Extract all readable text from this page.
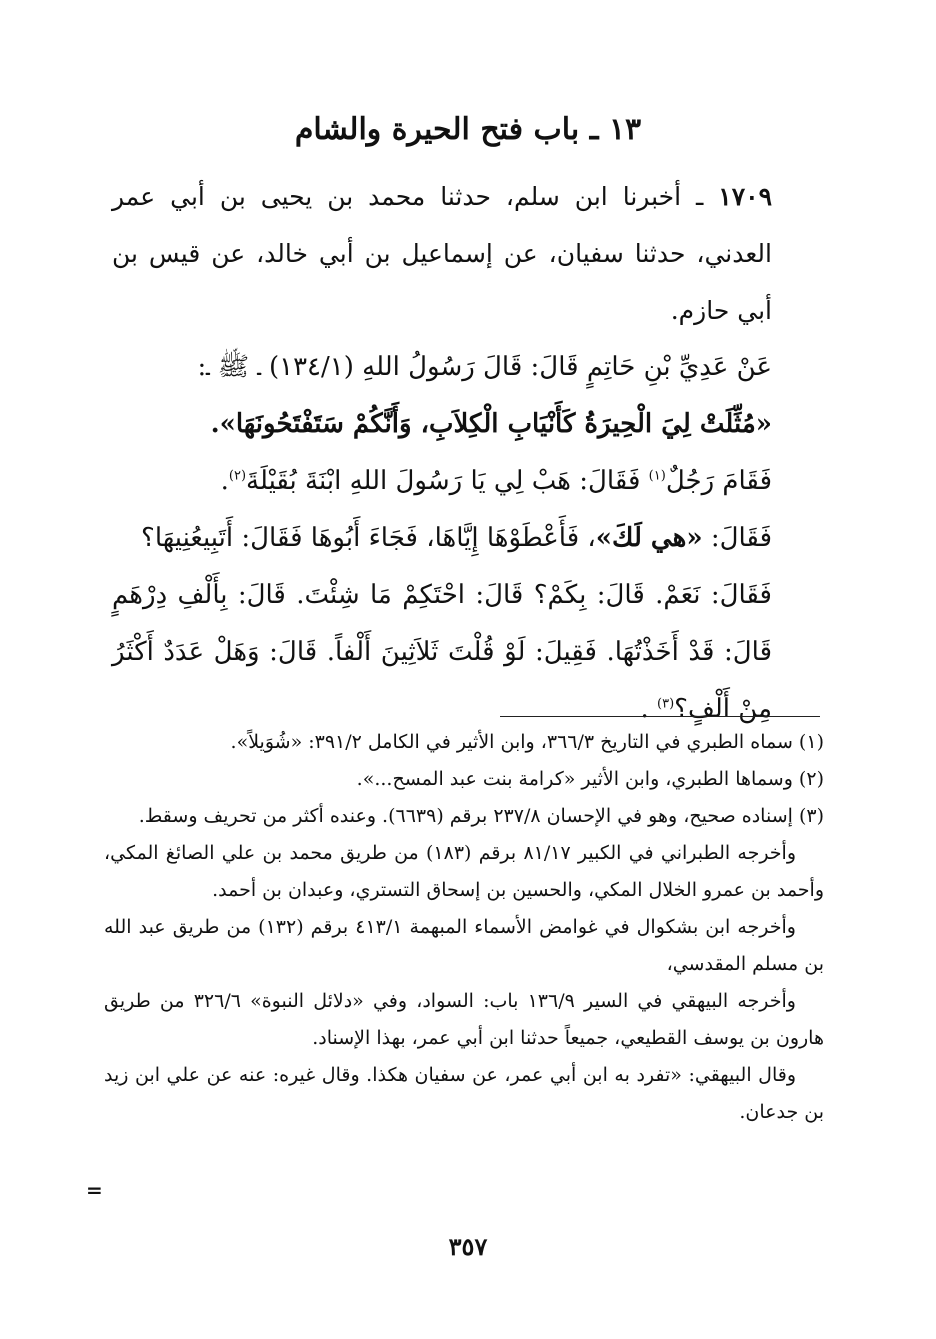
١٣ ـ باب فتح الحيرة والشام

١٧٠٩ ـ أخبرنا ابن سلم، حدثنا محمد بن يحيى بن أبي عمر العدني، حدثنا سفيان، عن إسماعيل بن أبي خالد، عن قيس بن أبي حازم.

عَنْ عَدِيِّ بْنِ حَاتِمٍ قَالَ: قَالَ رَسُولُ اللهِ (١٣٤/١) ـ ﷺ ـ:

«مُثِّلَتْ لِيَ الْحِيرَةُ كَأَنْيَابِ الْكِلاَبِ، وَأَنَّكُمْ سَتَفْتَحُونَهَا».

فَقَامَ رَجُلٌ$^{(١)}$ فَقَالَ: هَبْ لِي يَا رَسُولَ اللهِ ابْنَةَ بُقَيْلَةَ$^{(٢)}$.

فَقَالَ: «هي لَكَ»، فَأَعْطَوْهَا إِيَّاهَا، فَجَاءَ أَبُوهَا فَقَالَ: أَتَبِيعُنِيهَا؟

فَقَالَ: نَعَمْ. قَالَ: بِكَمْ؟ قَالَ: احْتَكِمْ مَا شِئْتَ. قَالَ: بِأَلْفِ دِرْهَمٍ قَالَ: قَدْ أَخَذْتُهَا. فَقِيلَ: لَوْ قُلْتَ ثَلاَثِينَ أَلْفاً. قَالَ: وَهَلْ عَدَدٌ أَكْثَرُ مِنْ أَلْفٍ؟$^{(٣)}$ .

(١) سماه الطبري في التاريخ ٣٦٦/٣، وابن الأثير في الكامل ٣٩١/٢: «شُوَيلاً».

(٢) وسماها الطبري، وابن الأثير «كرامة بنت عبد المسح...».

(٣) إسناده صحيح، وهو في الإحسان ٢٣٧/٨ برقم (٦٦٣٩). وعنده أكثر من تحريف وسقط.

وأخرجه الطبراني في الكبير ٨١/١٧ برقم (١٨٣) من طريق محمد بن علي الصائغ المكي، وأحمد بن عمرو الخلال المكي، والحسين بن إسحاق التستري، وعبدان بن أحمد.

وأخرجه ابن بشكوال في غوامض الأسماء المبهمة ٤١٣/١ برقم (١٣٢) من طريق عبد الله بن مسلم المقدسي،

وأخرجه البيهقي في السير ١٣٦/٩ باب: السواد، وفي «دلائل النبوة» ٣٢٦/٦ من طريق هارون بن يوسف القطيعي، جميعاً حدثنا ابن أبي عمر، بهذا الإسناد.

وقال البيهقي: «تفرد به ابن أبي عمر، عن سفيان هكذا. وقال غيره: عنه عن علي ابن زيد بن جدعان.

=
٣٥٧
